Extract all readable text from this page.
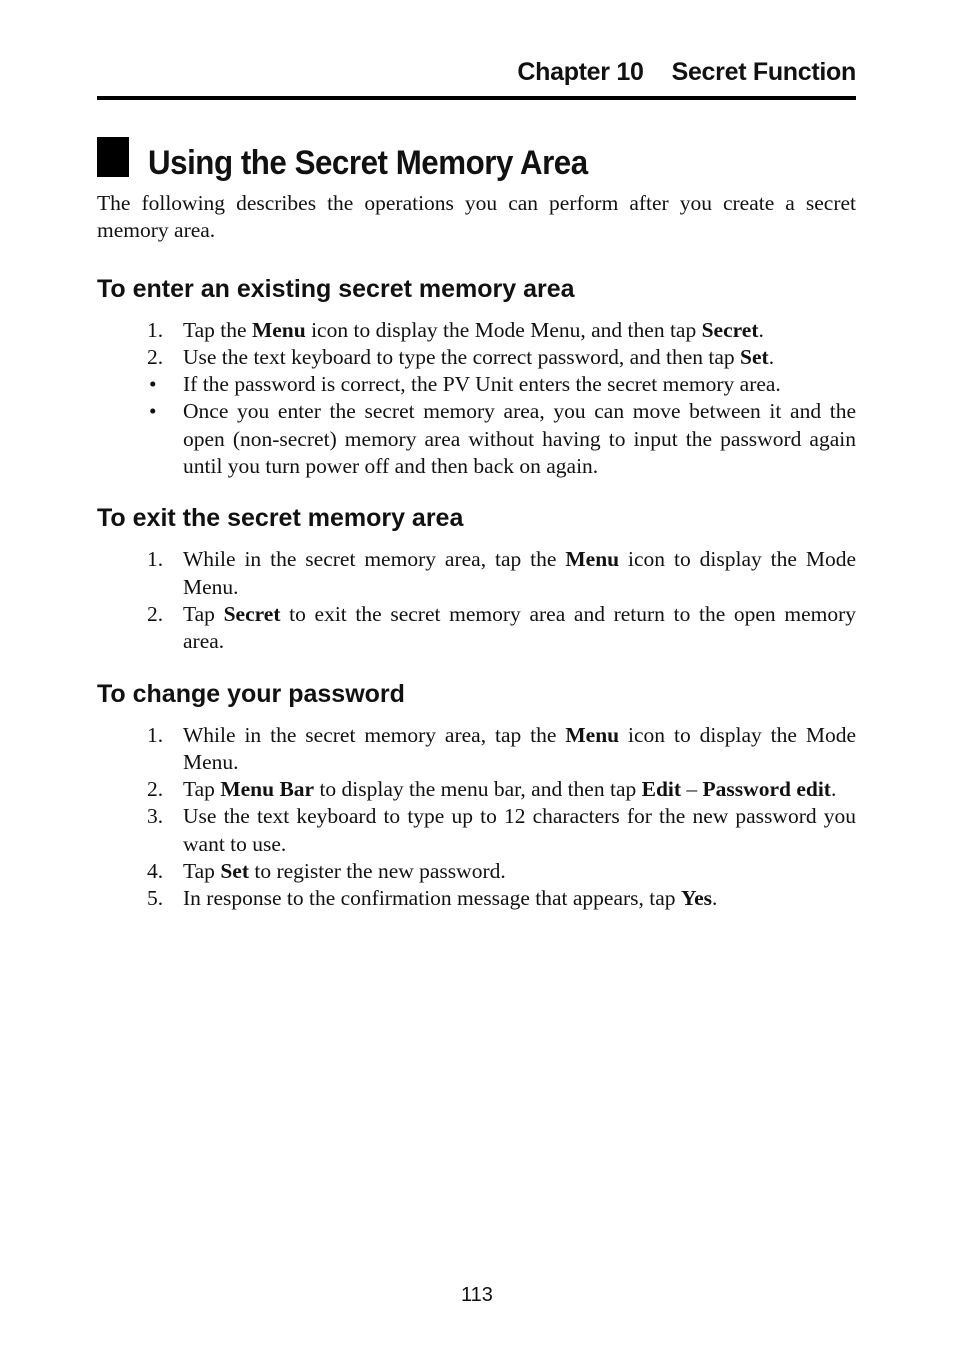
Chapter 10 Secret Function
Using the Secret Memory Area

The following describes the operations you can perform after you create a secret memory area.

To enter an existing secret memory area
1. Tap the Menu icon to display the Mode Menu, and then tap Secret.
2. Use the text keyboard to type the correct password, and then tap Set.
• If the password is correct, the PV Unit enters the secret memory area.
• Once you enter the secret memory area, you can move between it and the open (non-secret) memory area without having to input the password again until you turn power off and then back on again.
To exit the secret memory area
1. While in the secret memory area, tap the Menu icon to display the Mode Menu.
2. Tap Secret to exit the secret memory area and return to the open memory area.
To change your password
1. While in the secret memory area, tap the Menu icon to display the Mode Menu.
2. Tap Menu Bar to display the menu bar, and then tap Edit – Password edit.
3. Use the text keyboard to type up to 12 characters for the new password you want to use.
4. Tap Set to register the new password.
5. In response to the confirmation message that appears, tap Yes.
113
